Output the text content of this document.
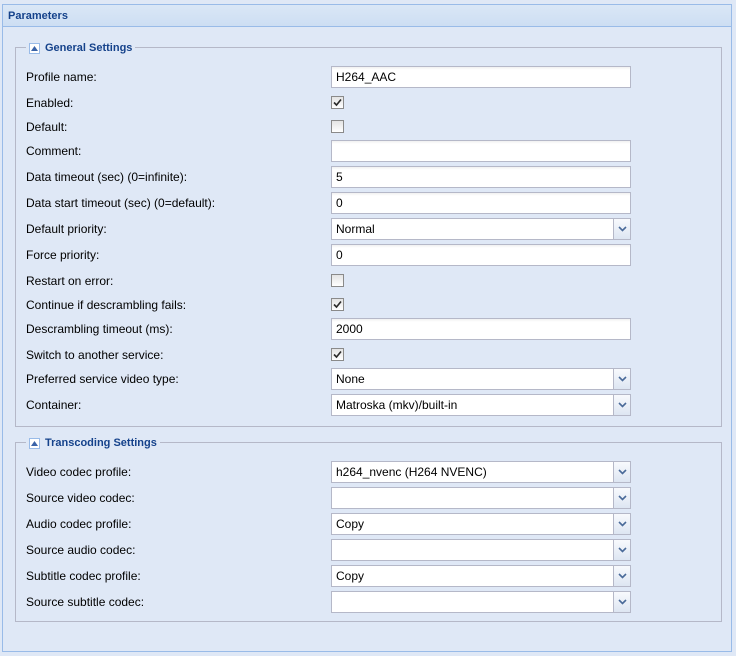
Parameters
General Settings
Profile name:
H264_AAC
Enabled:
Default:
Comment:
Data timeout (sec) (0=infinite):
5
Data start timeout (sec) (0=default):
0
Default priority:	Normal
Force priority:
0
Restart on error:
Continue if descrambling fails:
Descrambling timeout (ms):
2000
Switch to another service:
Preferred service video type:	None
Container:	Matroska (mkv)/built-in
Transcoding Settings
Video codec profile:	h264_nvenc (H264 NVENC)
Source video codec:
Audio codec profile:	Copy
Source audio codec:
Subtitle codec profile:	Copy
Source subtitle codec:
